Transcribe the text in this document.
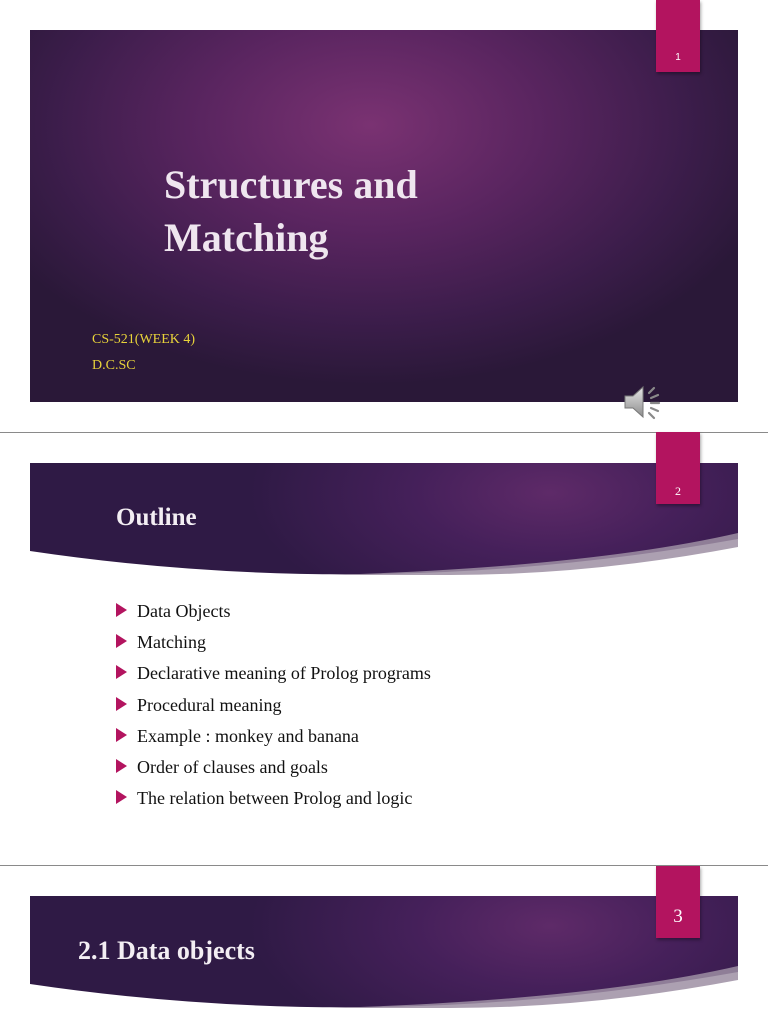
Structures and Matching
CS-521(WEEK 4)
D.C.SC
1
Outline
2
Data Objects
Matching
Declarative meaning of Prolog programs
Procedural meaning
Example : monkey and banana
Order of clauses and goals
The relation between Prolog and logic
2.1 Data objects
3
